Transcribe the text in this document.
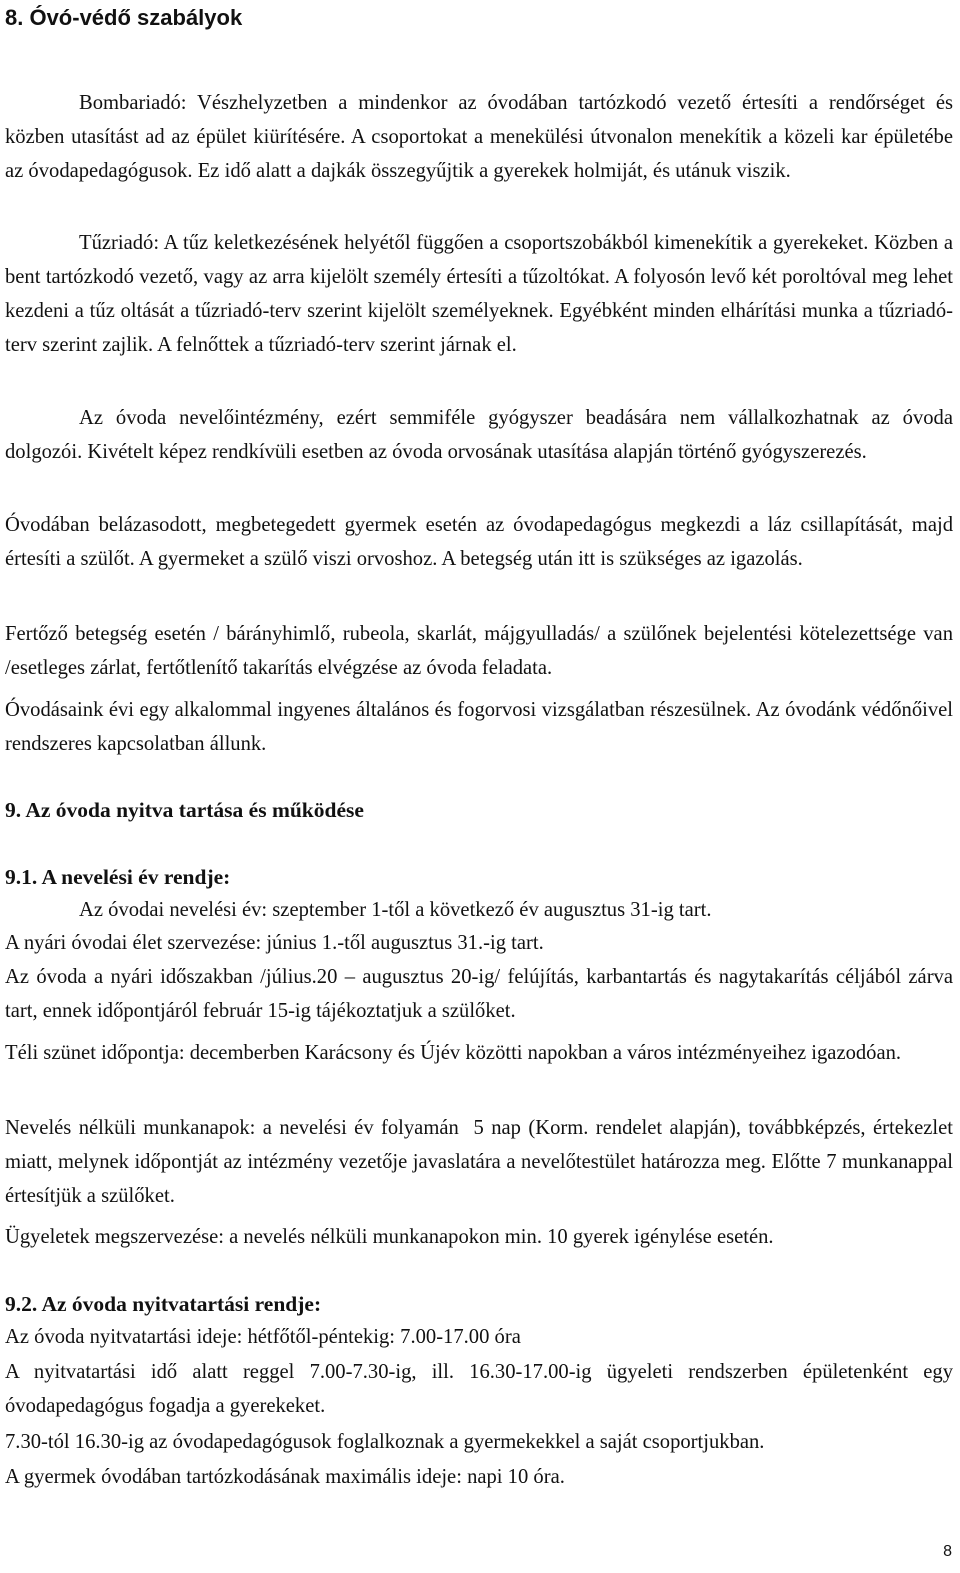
8. Óvó-védő szabályok

Bombariadó: Vészhelyzetben a mindenkor az óvodában tartózkodó vezető értesíti a rendőrséget és közben utasítást ad az épület kiürítésére. A csoportokat a menekülési útvonalon menekítik a közeli kar épületébe az óvodapedagógusok. Ez idő alatt a dajkák összegyűjtik a gyerekek holmiját, és utánuk viszik.

Tűzriadó: A tűz keletkezésének helyétől függően a csoportszobákból kimenekítik a gyerekeket. Közben a bent tartózkodó vezető, vagy az arra kijelölt személy értesíti a tűzoltókat. A folyosón levő két poroltóval meg lehet kezdeni a tűz oltását a tűzriadó-terv szerint kijelölt személyeknek. Egyébként minden elhárítási munka a tűzriadó-terv szerint zajlik. A felnőttek a tűzriadó-terv szerint járnak el.

Az óvoda nevelőintézmény, ezért semmiféle gyógyszer beadására nem vállalkozhatnak az óvoda dolgozói. Kivételt képez rendkívüli esetben az óvoda orvosának utasítása alapján történő gyógyszerezés.

Óvodában belázasodott, megbetegedett gyermek esetén az óvodapedagógus megkezdi a láz csillapítását, majd értesíti a szülőt. A gyermeket a szülő viszi orvoshoz. A betegség után itt is szükséges az igazolás.

Fertőző betegség esetén / bárányhimlő, rubeola, skarlát, májgyulladás/ a szülőnek bejelentési kötelezettsége van /esetleges zárlat, fertőtlenítő takarítás elvégzése az óvoda feladata.

Óvodásaink évi egy alkalommal ingyenes általános és fogorvosi vizsgálatban részesülnek. Az óvodánk védőnőivel rendszeres kapcsolatban állunk.

9. Az óvoda nyitva tartása és működése
9.1. A nevelési év rendje:

Az óvodai nevelési év: szeptember 1-től a következő év augusztus 31-ig tart.

A nyári óvodai élet szervezése: június 1.-től augusztus 31.-ig tart.

Az óvoda a nyári időszakban /július.20 – augusztus 20-ig/ felújítás, karbantartás és nagytakarítás céljából zárva tart, ennek időpontjáról február 15-ig tájékoztatjuk a szülőket.

Téli szünet időpontja: decemberben Karácsony és Újév közötti napokban a város intézményeihez igazodóan.

Nevelés nélküli munkanapok: a nevelési év folyamán  5 nap (Korm. rendelet alapján), továbbképzés, értekezlet miatt, melynek időpontját az intézmény vezetője javaslatára a nevelőtestület határozza meg. Előtte 7 munkanappal értesítjük a szülőket.

Ügyeletek megszervezése: a nevelés nélküli munkanapokon min. 10 gyerek igénylése esetén.

9.2. Az óvoda nyitvatartási rendje:

Az óvoda nyitvatartási ideje: hétfőtől-péntekig: 7.00-17.00 óra

A nyitvatartási idő alatt reggel 7.00-7.30-ig, ill. 16.30-17.00-ig ügyeleti rendszerben épületenként egy óvodapedagógus fogadja a gyerekeket.

7.30-tól 16.30-ig az óvodapedagógusok foglalkoznak a gyermekekkel a saját csoportjukban.

A gyermek óvodában tartózkodásának maximális ideje: napi 10 óra.

8
